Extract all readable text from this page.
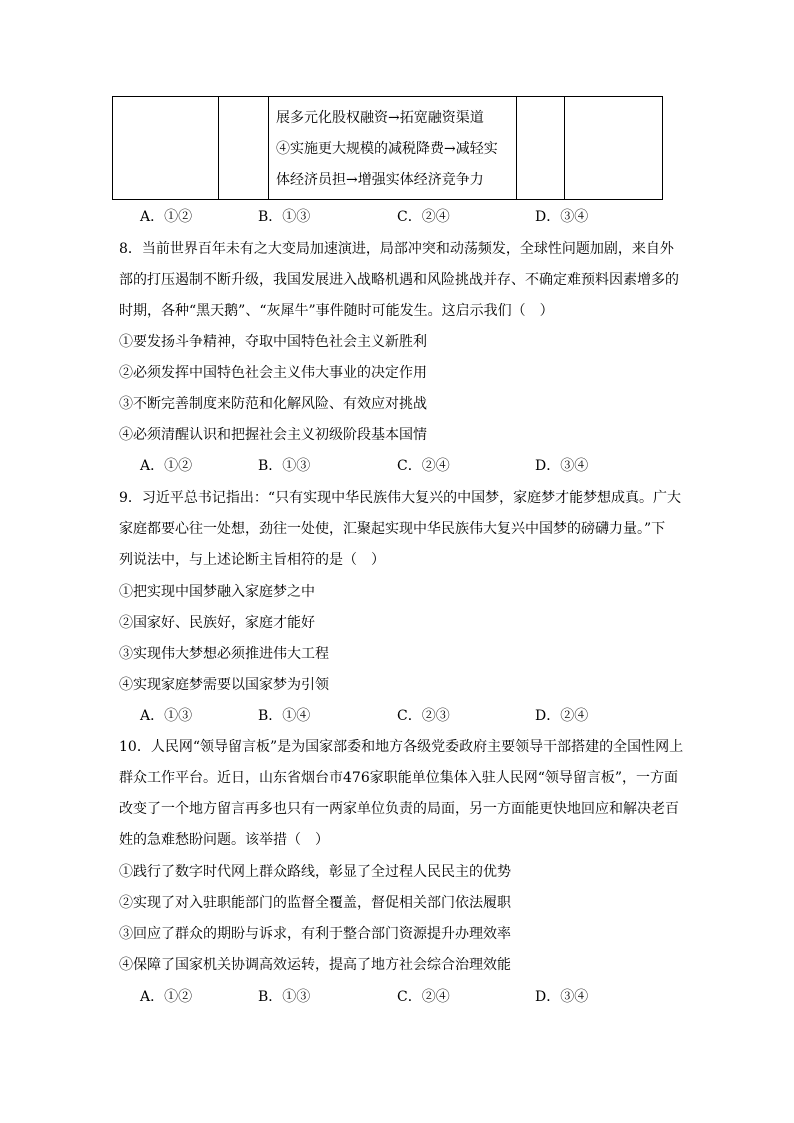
展多元化股权融资→拓宽融资渠道
④实施更大规模的减税降费→减轻实
体经济员担→增强实体经济竞争力
A．①②	B．①③	C．②④	D．③④
8．当前世界百年未有之大变局加速演进，局部冲突和动荡频发，全球性问题加剧，来自外
部的打压遏制不断升级，我国发展进入战略机遇和风险挑战并存、不确定难预料因素增多的
时期，各种“黑天鹅”、“灰犀牛”事件随时可能发生。这启示我们（　）
①要发扬斗争精神，夺取中国特色社会主义新胜利
②必须发挥中国特色社会主义伟大事业的决定作用
③不断完善制度来防范和化解风险、有效应对挑战
④必须清醒认识和把握社会主义初级阶段基本国情
A．①②	B．①③	C．②④	D．③④
9．习近平总书记指出：“只有实现中华民族伟大复兴的中国梦，家庭梦才能梦想成真。广大
家庭都要心往一处想，劲往一处使，汇聚起实现中华民族伟大复兴中国梦的磅礴力量。”下
列说法中，与上述论断主旨相符的是（　）
①把实现中国梦融入家庭梦之中
②国家好、民族好，家庭才能好
③实现伟大梦想必须推进伟大工程
④实现家庭梦需要以国家梦为引领
A．①③	B．①④	C．②③	D．②④
10．人民网“领导留言板”是为国家部委和地方各级党委政府主要领导干部搭建的全国性网上
群众工作平台。近日，山东省烟台市476家职能单位集体入驻人民网“领导留言板”，一方面
改变了一个地方留言再多也只有一两家单位负责的局面，另一方面能更快地回应和解决老百
姓的急难愁盼问题。该举措（　）
①践行了数字时代网上群众路线，彰显了全过程人民民主的优势
②实现了对入驻职能部门的监督全覆盖，督促相关部门依法履职
③回应了群众的期盼与诉求，有利于整合部门资源提升办理效率
④保障了国家机关协调高效运转，提高了地方社会综合治理效能
A．①②	B．①③	C．②④	D．③④
